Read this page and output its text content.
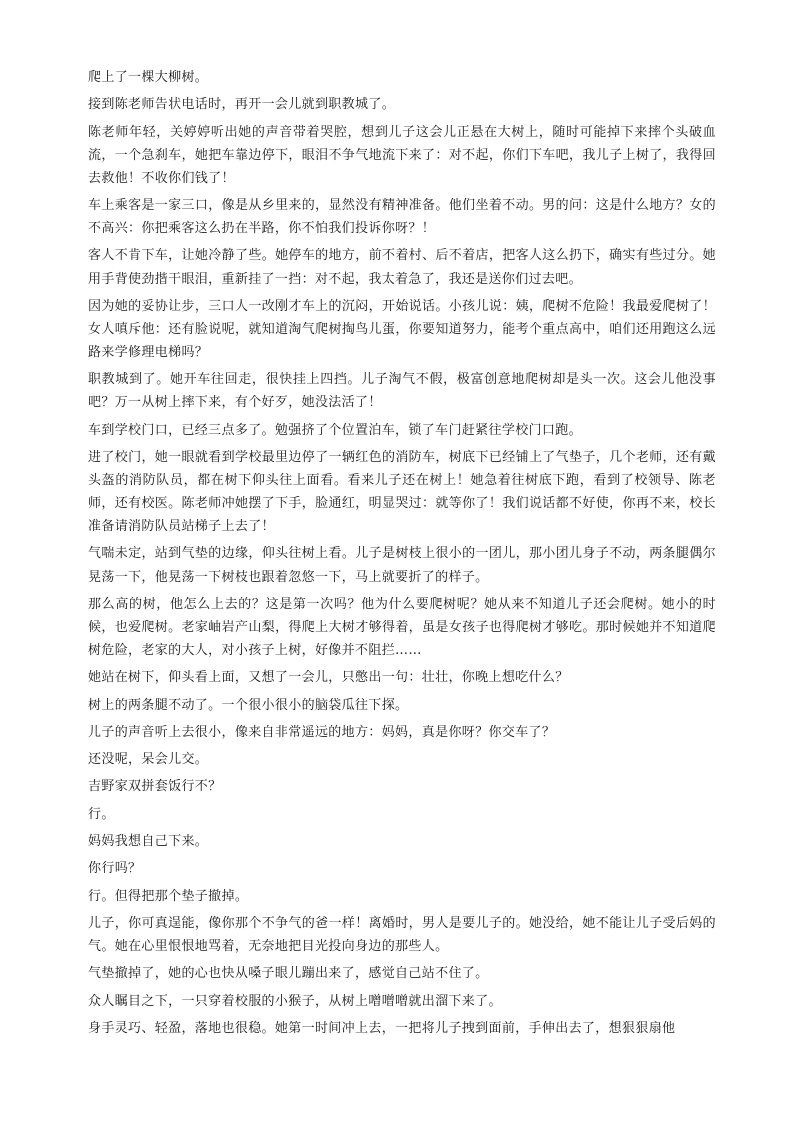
爬上了一棵大柳树。

接到陈老师告状电话时，再开一会儿就到职教城了。

陈老师年轻，关婷婷听出她的声音带着哭腔，想到儿子这会儿正悬在大树上，随时可能掉下来摔个头破血流，一个急刹车，她把车靠边停下，眼泪不争气地流下来了：对不起，你们下车吧，我儿子上树了，我得回去救他！不收你们钱了！

车上乘客是一家三口，像是从乡里来的，显然没有精神准备。他们坐着不动。男的问：这是什么地方？女的不高兴：你把乘客这么扔在半路，你不怕我们投诉你呀？！

客人不肯下车，让她冷静了些。她停车的地方，前不着村、后不着店，把客人这么扔下，确实有些过分。她用手背使劲揩干眼泪，重新挂了一挡：对不起，我太着急了，我还是送你们过去吧。

因为她的妥协让步，三口人一改刚才车上的沉闷，开始说话。小孩儿说：姨，爬树不危险！我最爱爬树了！女人嗔斥他：还有脸说呢，就知道淘气爬树掏鸟儿蛋，你要知道努力，能考个重点高中，咱们还用跑这么远路来学修理电梯吗？

职教城到了。她开车往回走，很快挂上四挡。儿子淘气不假，极富创意地爬树却是头一次。这会儿他没事吧？万一从树上摔下来，有个好歹，她没法活了！

车到学校门口，已经三点多了。勉强挤了个位置泊车，锁了车门赶紧往学校门口跑。

进了校门，她一眼就看到学校最里边停了一辆红色的消防车，树底下已经铺上了气垫子，几个老师，还有戴头盔的消防队员，都在树下仰头往上面看。看来儿子还在树上！她急着往树底下跑，看到了校领导、陈老师，还有校医。陈老师冲她摆了下手，脸通红，明显哭过：就等你了！我们说话都不好使，你再不来，校长准备请消防队员站梯子上去了！

气喘未定，站到气垫的边缘，仰头往树上看。儿子是树枝上很小的一团儿，那小团儿身子不动，两条腿偶尔晃荡一下，他晃荡一下树枝也跟着忽悠一下，马上就要折了的样子。

那么高的树，他怎么上去的？这是第一次吗？他为什么要爬树呢？她从来不知道儿子还会爬树。她小的时候，也爱爬树。老家岫岩产山梨，得爬上大树才够得着，虽是女孩子也得爬树才够吃。那时候她并不知道爬树危险，老家的大人，对小孩子上树，好像并不阻拦……

她站在树下，仰头看上面，又想了一会儿，只憋出一句：壮壮，你晚上想吃什么？

树上的两条腿不动了。一个很小很小的脑袋瓜往下探。

儿子的声音听上去很小，像来自非常遥远的地方：妈妈，真是你呀？你交车了？

还没呢，呆会儿交。

吉野家双拼套饭行不？

行。

妈妈我想自己下来。

你行吗？

行。但得把那个垫子撤掉。

儿子，你可真逞能，像你那个不争气的爸一样！离婚时，男人是要儿子的。她没给，她不能让儿子受后妈的气。她在心里恨恨地骂着，无奈地把目光投向身边的那些人。

气垫撤掉了，她的心也快从嗓子眼儿蹦出来了，感觉自己站不住了。

众人瞩目之下，一只穿着校服的小猴子，从树上噌噌噌就出溜下来了。

身手灵巧、轻盈，落地也很稳。她第一时间冲上去，一把将儿子拽到面前，手伸出去了，想狠狠扇他
